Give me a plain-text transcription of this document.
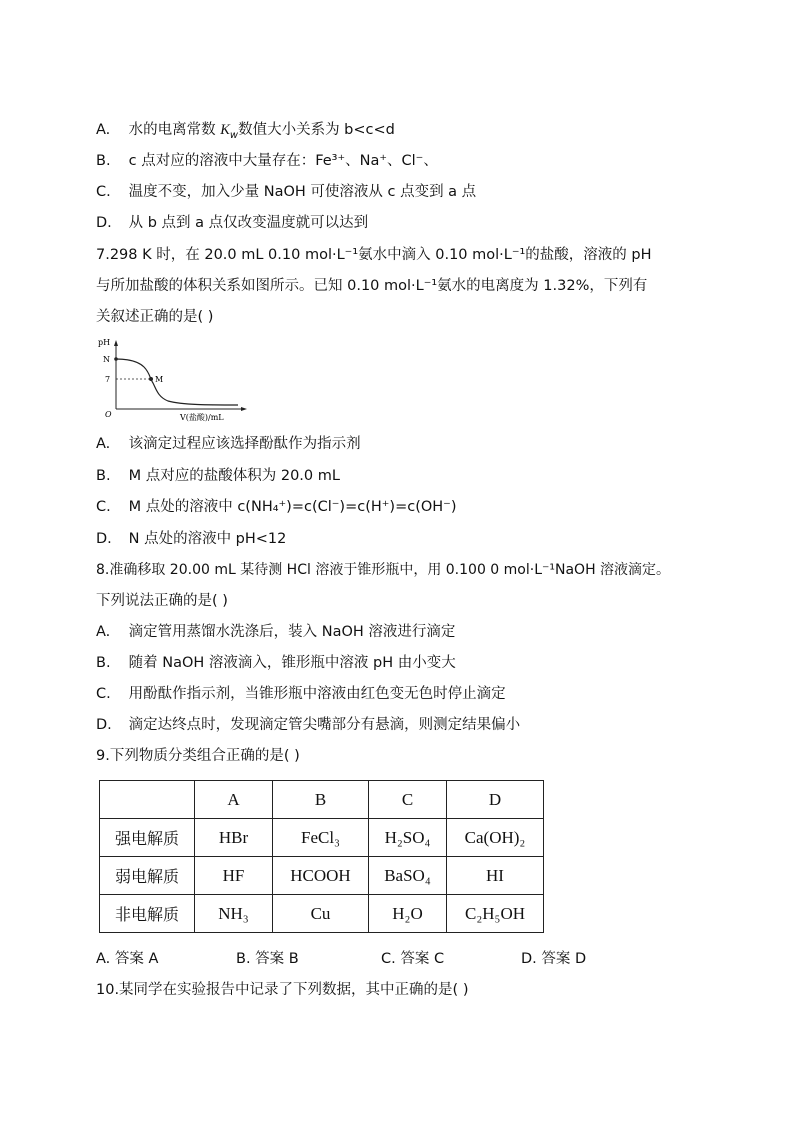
A. 水的电离常数 $K_w$数值大小关系为 b<c<d
B. c 点对应的溶液中大量存在：Fe³⁺、Na⁺、Cl⁻、
C. 温度不变，加入少量 NaOH 可使溶液从 c 点变到 a 点
D. 从 b 点到 a 点仅改变温度就可以达到
7.298 K 时，在 20.0 mL 0.10 mol·L⁻¹氨水中滴入 0.10 mol·L⁻¹的盐酸，溶液的 pH
与所加盐酸的体积关系如图所示。已知 0.10 mol·L⁻¹氨水的电离度为 1.32%，下列有
关叙述正确的是( )
pH
N
7	M
O	V(盐酸)/mL
A. 该滴定过程应该选择酚酞作为指示剂
B. M 点对应的盐酸体积为 20.0 mL
C. M 点处的溶液中 c(NH₄⁺)=c(Cl⁻)=c(H⁺)=c(OH⁻)
D. N 点处的溶液中 pH<12
8.准确移取 20.00 mL 某待测 HCl 溶液于锥形瓶中，用 0.100 0 mol·L⁻¹NaOH 溶液滴定。
下列说法正确的是( )
A. 滴定管用蒸馏水洗涤后，装入 NaOH 溶液进行滴定
B. 随着 NaOH 溶液滴入，锥形瓶中溶液 pH 由小变大
C. 用酚酞作指示剂，当锥形瓶中溶液由红色变无色时停止滴定
D. 滴定达终点时，发现滴定管尖嘴部分有悬滴，则测定结果偏小
9.下列物质分类组合正确的是( )
	A	B	C	D
强电解质	HBr	FeCl₃	H₂SO₄	Ca(OH)₂
弱电解质	HF	HCOOH	BaSO₄	HI
非电解质	NH₃	Cu	H₂O	C₂H₅OH
A. 答案 A	B. 答案 B	C. 答案 C	D. 答案 D
10.某同学在实验报告中记录了下列数据，其中正确的是( )
